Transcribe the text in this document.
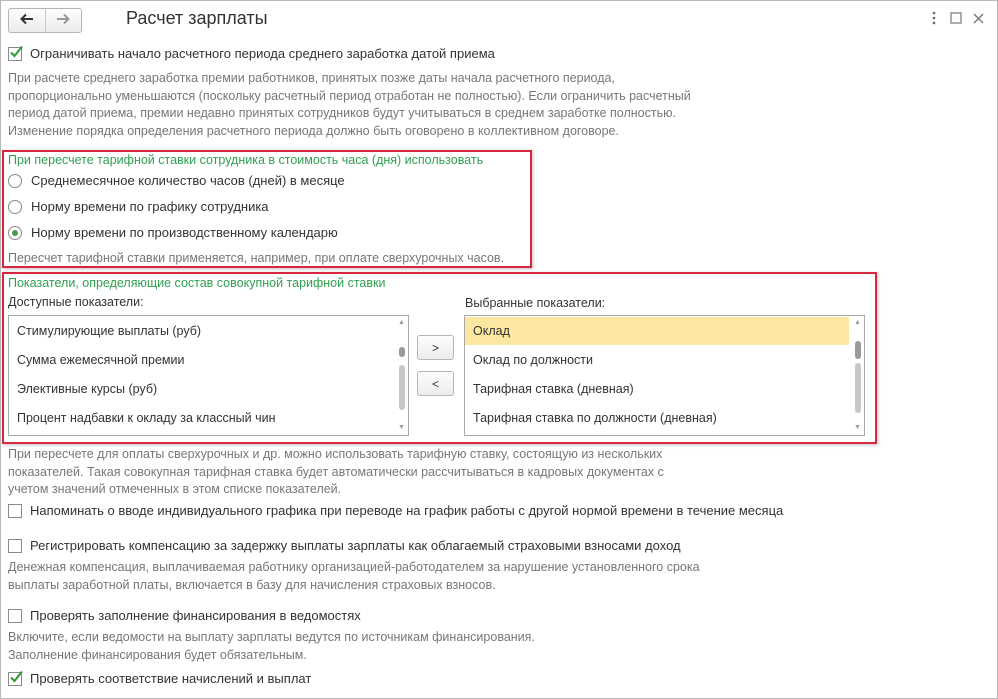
Расчет зарплаты
Ограничивать начало расчетного периода среднего заработка датой приема
При расчете среднего заработка премии работников, принятых позже даты начала расчетного периода,
пропорционально уменьшаются (поскольку расчетный период отработан не полностью). Если ограничить расчетный
период датой приема, премии недавно принятых сотрудников будут учитываться в среднем заработке полностью.
Изменение порядка определения расчетного периода должно быть оговорено в коллективном договоре.
При пересчете тарифной ставки сотрудника в стоимость часа (дня) использовать
Среднемесячное количество часов (дней) в месяце
Норму времени по графику сотрудника
Норму времени по производственному календарю
Пересчет тарифной ставки применяется, например, при оплате сверхурочных часов.
Показатели, определяющие состав совокупной тарифной ставки
Доступные показатели:	Выбранные показатели:
Стимулирующие выплаты (руб)
Сумма ежемесячной премии
Элективные курсы (руб)
Процент надбавки к окладу за классный чин
▲
▼
>
<
Оклад
Оклад по должности
Тарифная ставка (дневная)
Тарифная ставка по должности (дневная)
▲
▼
При пересчете для оплаты сверхурочных и др. можно использовать тарифную ставку, состоящую из нескольких
показателей. Такая совокупная тарифная ставка будет автоматически рассчитываться в кадровых документах с
учетом значений отмеченных в этом списке показателей.
Напоминать о вводе индивидуального графика при переводе на график работы с другой нормой времени в течение месяца
Регистрировать компенсацию за задержку выплаты зарплаты как облагаемый страховыми взносами доход
Денежная компенсация, выплачиваемая работнику организацией-работодателем за нарушение установленного срока
выплаты заработной платы, включается в базу для начисления страховых взносов.
Проверять заполнение финансирования в ведомостях
Включите, если ведомости на выплату зарплаты ведутся по источникам финансирования.
Заполнение финансирования будет обязательным.
Проверять соответствие начислений и выплат
